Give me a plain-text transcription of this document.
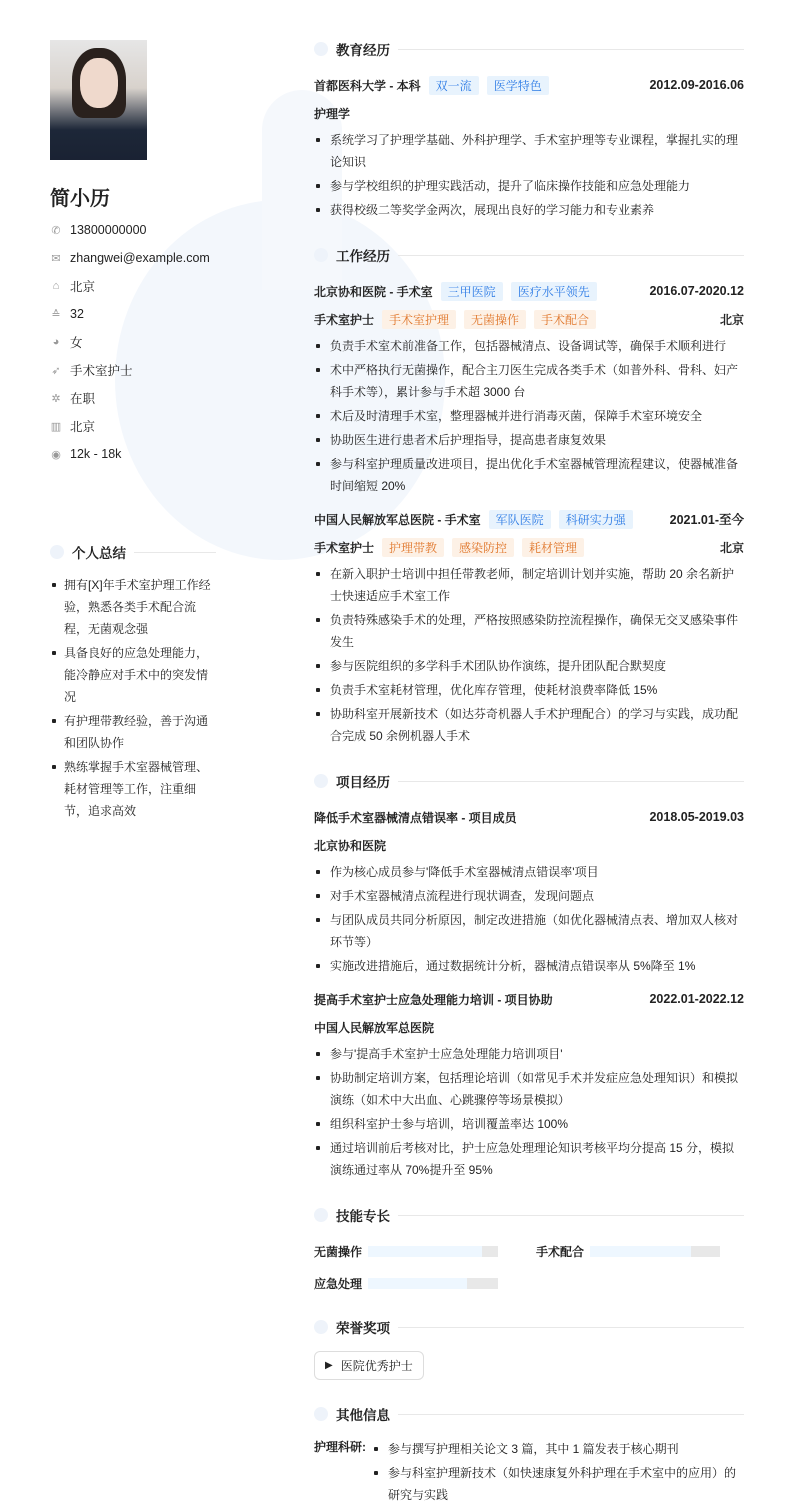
简小历
✆ 13800000000
✉ zhangwei@example.com
⌂ 北京
≙ 32
◕ 女
➶ 手术室护士
✲ 在职
▥ 北京
◉ 12k - 18k
个人总结
拥有[X]年手术室护理工作经验，熟悉各类手术配合流程，无菌观念强
具备良好的应急处理能力，能冷静应对手术中的突发情况
有护理带教经验，善于沟通和团队协作
熟练掌握手术室器械管理、耗材管理等工作，注重细节，追求高效
教育经历
首都医科大学 - 本科	双一流	医学特色	2012.09-2016.06
护理学
系统学习了护理学基础、外科护理学、手术室护理等专业课程，掌握扎实的理论知识
参与学校组织的护理实践活动，提升了临床操作技能和应急处理能力
获得校级二等奖学金两次，展现出良好的学习能力和专业素养
工作经历
北京协和医院 - 手术室	三甲医院	医疗水平领先	2016.07-2020.12
手术室护士	手术室护理	无菌操作	手术配合	北京
负责手术室术前准备工作，包括器械清点、设备调试等，确保手术顺利进行
术中严格执行无菌操作，配合主刀医生完成各类手术（如普外科、骨科、妇产科手术等），累计参与手术超 3000 台
术后及时清理手术室，整理器械并进行消毒灭菌，保障手术室环境安全
协助医生进行患者术后护理指导，提高患者康复效果
参与科室护理质量改进项目，提出优化手术室器械管理流程建议，使器械准备时间缩短 20%
中国人民解放军总医院 - 手术室	军队医院	科研实力强	2021.01-至今
手术室护士	护理带教	感染防控	耗材管理	北京
在新入职护士培训中担任带教老师，制定培训计划并实施，帮助 20 余名新护士快速适应手术室工作
负责特殊感染手术的处理，严格按照感染防控流程操作，确保无交叉感染事件发生
参与医院组织的多学科手术团队协作演练，提升团队配合默契度
负责手术室耗材管理，优化库存管理，使耗材浪费率降低 15%
协助科室开展新技术（如达芬奇机器人手术护理配合）的学习与实践，成功配合完成 50 余例机器人手术
项目经历
降低手术室器械清点错误率 - 项目成员	2018.05-2019.03
北京协和医院
作为核心成员参与'降低手术室器械清点错误率'项目
对手术室器械清点流程进行现状调查，发现问题点
与团队成员共同分析原因，制定改进措施（如优化器械清点表、增加双人核对环节等）
实施改进措施后，通过数据统计分析，器械清点错误率从 5%降至 1%
提高手术室护士应急处理能力培训 - 项目协助	2022.01-2022.12
中国人民解放军总医院
参与'提高手术室护士应急处理能力培训项目'
协助制定培训方案，包括理论培训（如常见手术并发症应急处理知识）和模拟演练（如术中大出血、心跳骤停等场景模拟）
组织科室护士参与培训，培训覆盖率达 100%
通过培训前后考核对比，护士应急处理理论知识考核平均分提高 15 分，模拟演练通过率从 70%提升至 95%
技能专长
无菌操作	手术配合
应急处理
荣誉奖项
▶ 医院优秀护士
其他信息
护理科研:	参与撰写护理相关论文 3 篇，其中 1 篇发表于核心期刊
参与科室护理新技术（如快速康复外科护理在手术室中的应用）的研究与实践
